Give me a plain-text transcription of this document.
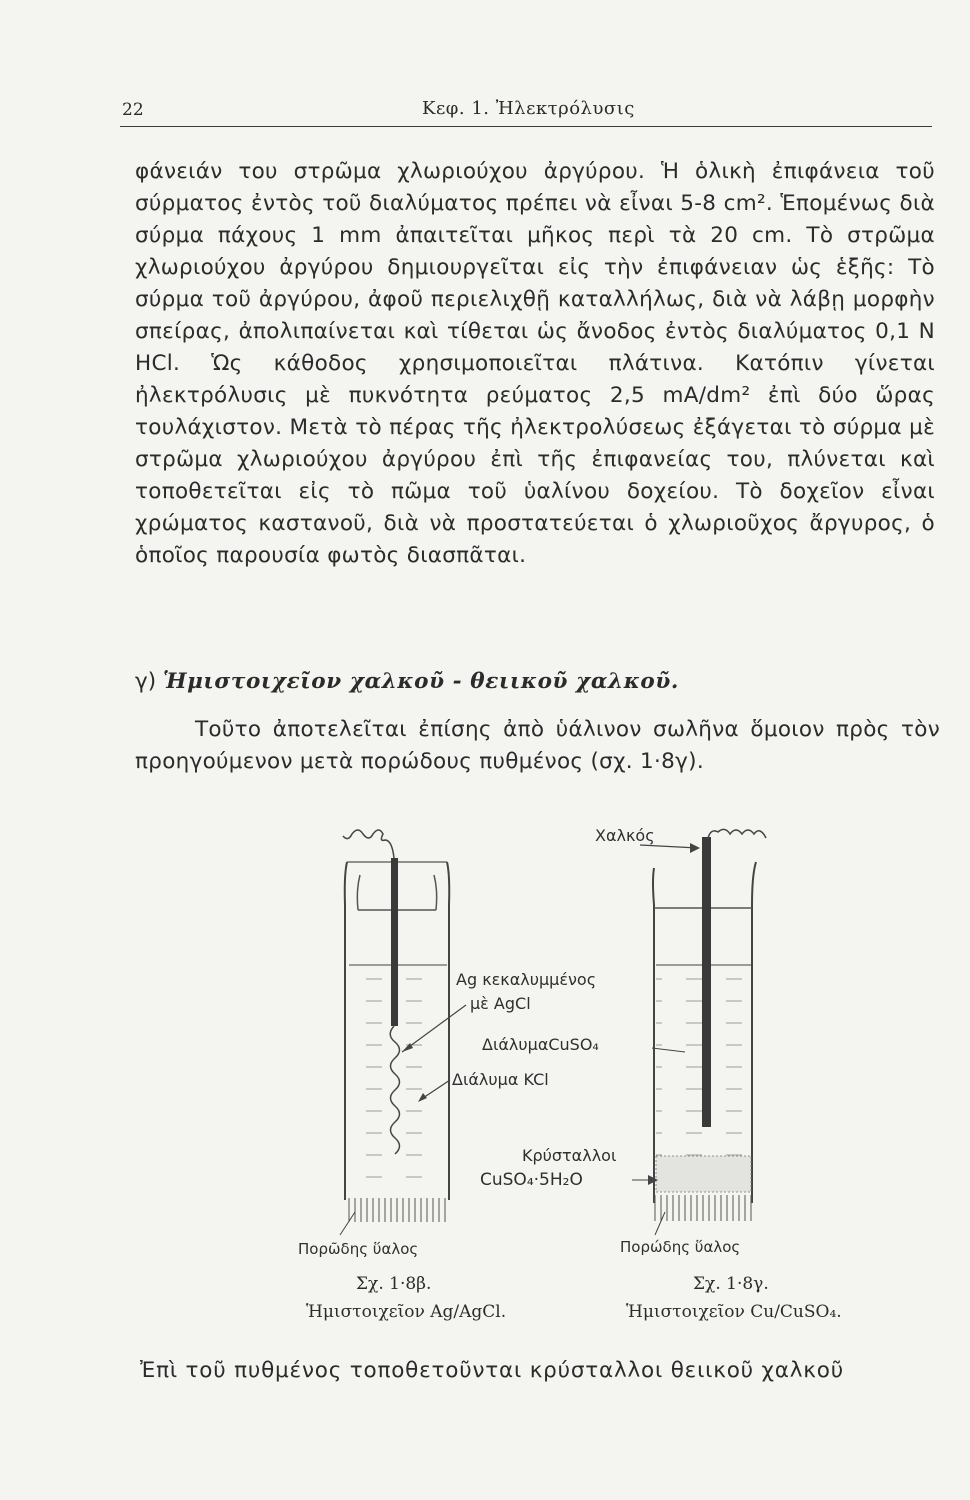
22	Κεφ. 1. Ἠλεκτρόλυσις
φάνειάν του στρῶμα χλωριούχου ἀργύρου. Ἡ ὁλικὴ ἐπιφάνεια τοῦ σύρματος ἐντὸς τοῦ διαλύματος πρέπει νὰ εἶναι 5-8 cm². Ἑπομένως διὰ σύρμα πάχους 1 mm ἀπαιτεῖται μῆκος περὶ τὰ 20 cm. Τὸ στρῶμα χλωριούχου ἀργύρου δημιουργεῖται εἰς τὴν ἐπιφάνειαν ὡς ἑξῆς: Τὸ σύρμα τοῦ ἀργύρου, ἀφοῦ περιελιχθῇ καταλλήλως, διὰ νὰ λάβῃ μορφὴν σπείρας, ἀπολιπαίνεται καὶ τίθεται ὡς ἄνοδος ἐντὸς διαλύματος 0,1 N HCl. Ὡς κάθοδος χρησιμοποιεῖται πλάτινα. Κατόπιν γίνεται ἠλεκτρόλυσις μὲ πυκνότητα ρεύματος 2,5 mA/dm² ἐπὶ δύο ὥρας τουλάχιστον. Μετὰ τὸ πέρας τῆς ἠλεκτρολύσεως ἐξάγεται τὸ σύρμα μὲ στρῶμα χλωριούχου ἀργύρου ἐπὶ τῆς ἐπιφανείας του, πλύνεται καὶ τοποθετεῖται εἰς τὸ πῶμα τοῦ ὑαλίνου δοχείου. Τὸ δοχεῖον εἶναι χρώματος καστανοῦ, διὰ νὰ προστατεύεται ὁ χλωριοῦχος ἄργυρος, ὁ ὁποῖος παρουσία φωτὸς διασπᾶται.
γ) Ἡμιστοιχεῖον χαλκοῦ - θειικοῦ χαλκοῦ.
Τοῦτο ἀποτελεῖται ἐπίσης ἀπὸ ὑάλινον σωλῆνα ὅμοιον πρὸς τὸν προηγούμενον μετὰ πορώδους πυθμένος (σχ. 1·8γ).
Ag κεκαλυμμένος
μὲ AgCl
Διάλυμα KCl
Πορῶδης ὕαλος
Χαλκός
ΔιάλυμαCuSO₄
Κρύσταλλοι
CuSO₄·5H₂O
Πορώδης ὕαλος
Σχ. 1·8β.
Ἡμιστοιχεῖον Ag/AgCl.
Σχ. 1·8γ.
Ἡμιστοιχεῖον Cu/CuSO₄.
Ἐπὶ τοῦ πυθμένος τοποθετοῦνται κρύσταλλοι θειικοῦ χαλκοῦ
